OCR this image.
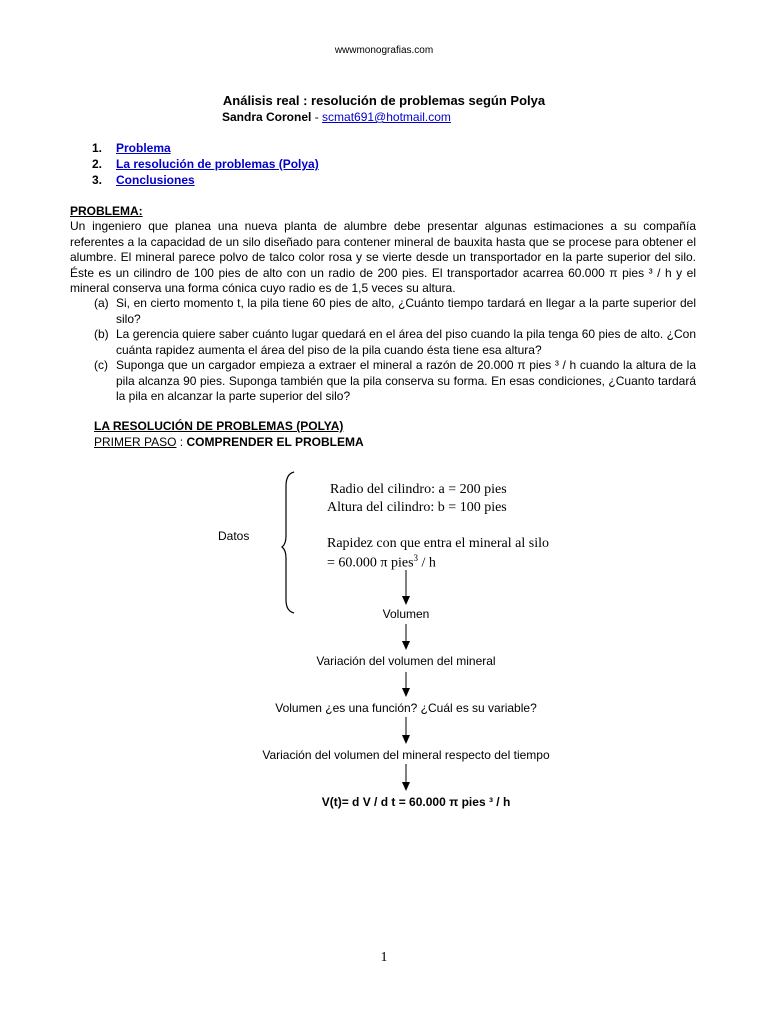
wwwmonografias.com
Análisis real : resolución de problemas según Polya
Sandra Coronel - scmat691@hotmail.com
1. Problema
2. La resolución de problemas (Polya)
3. Conclusiones
PROBLEMA:
Un ingeniero que planea una nueva planta de alumbre debe presentar algunas estimaciones a su compañía referentes a la capacidad de un silo diseñado para contener mineral de bauxita hasta que se procese para obtener el alumbre. El mineral parece polvo de talco color rosa y se vierte desde un transportador en la parte superior del silo. Éste es un cilindro de 100 pies de alto con un radio de 200 pies. El transportador acarrea 60.000 π pies ³ / h y el mineral conserva una forma cónica cuyo radio es de 1,5 veces su altura.
(a) Si, en cierto momento t, la pila tiene 60 pies de alto, ¿Cuánto tiempo tardará en llegar a la parte superior del silo?
(b) La gerencia quiere saber cuánto lugar quedará en el área del piso cuando la pila tenga 60 pies de alto. ¿Con cuánta rapidez aumenta el área del piso de la pila cuando ésta tiene esa altura?
(c) Suponga que un cargador empieza a extraer el mineral a razón de 20.000 π pies ³ / h cuando la altura de la pila alcanza 90 pies. Suponga también que la pila conserva su forma. En esas condiciones, ¿Cuanto tardará la pila en alcanzar la parte superior del silo?
LA RESOLUCIÓN DE PROBLEMAS (POLYA)
PRIMER PASO : COMPRENDER EL PROBLEMA
Datos
Radio del cilindro: a = 200 pies
Altura del cilindro: b = 100 pies
Rapidez con que entra el mineral al silo
= 60.000 π pies$^3$ / h
Volumen
Variación del volumen del mineral
Volumen ¿es una función? ¿Cuál es su variable?
Variación del volumen del mineral respecto del tiempo
V(t)= d V / d t = 60.000 π pies ³ / h
1
